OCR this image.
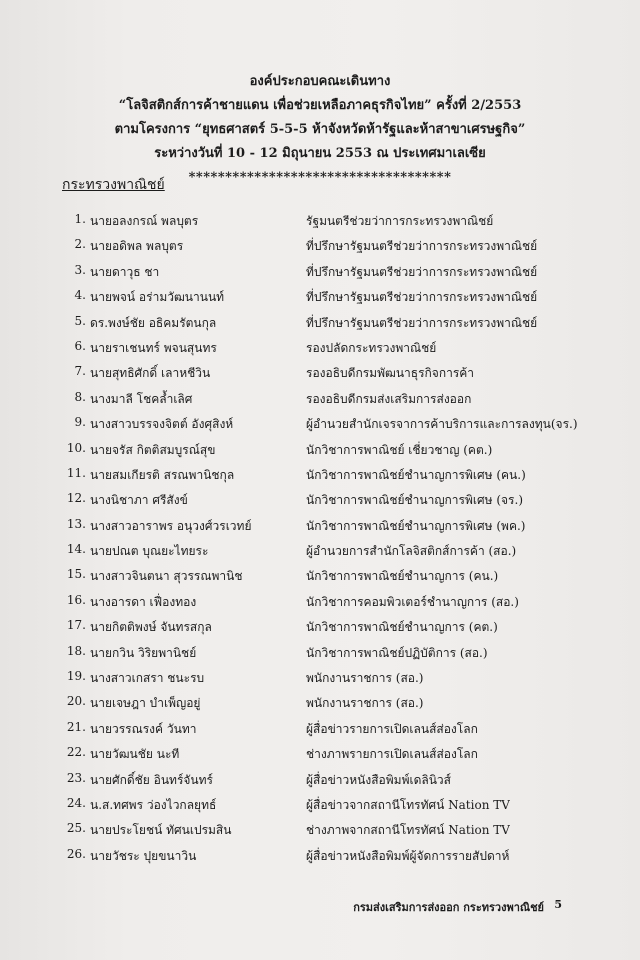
องค์ประกอบคณะเดินทาง
“โลจิสติกส์การค้าชายแดน เพื่อช่วยเหลือภาคธุรกิจไทย” ครั้งที่ 2/2553
ตามโครงการ “ยุทธศาสตร์ 5-5-5 ห้าจังหวัดห้ารัฐและห้าสาขาเศรษฐกิจ”
ระหว่างวันที่ 10 - 12 มิถุนายน 2553 ณ ประเทศมาเลเซีย
************************************
กระทรวงพาณิชย์
1. นายอลงกรณ์ พลบุตร	รัฐมนตรีช่วยว่าการกระทรวงพาณิชย์
2. นายอดิพล พลบุตร	ที่ปรึกษารัฐมนตรีช่วยว่าการกระทรวงพาณิชย์
3. นายดาวุธ ชา	ที่ปรึกษารัฐมนตรีช่วยว่าการกระทรวงพาณิชย์
4. นายพจน์ อร่ามวัฒนานนท์	ที่ปรึกษารัฐมนตรีช่วยว่าการกระทรวงพาณิชย์
5. ดร.พงษ์ชัย อธิคมรัตนกุล	ที่ปรึกษารัฐมนตรีช่วยว่าการกระทรวงพาณิชย์
6. นายราเชนทร์ พจนสุนทร	รองปลัดกระทรวงพาณิชย์
7. นายสุทธิศักดิ์ เลาหชีวิน	รองอธิบดีกรมพัฒนาธุรกิจการค้า
8. นางมาลี โชคล้ำเลิศ	รองอธิบดีกรมส่งเสริมการส่งออก
9. นางสาวบรรจงจิตต์ อังศุสิงห์	ผู้อำนวยสำนักเจรจาการค้าบริการและการลงทุน(จร.)
10. นายจรัส กิตติสมบูรณ์สุข	นักวิชาการพาณิชย์ เชี่ยวชาญ (คต.)
11. นายสมเกียรติ สรณพานิชกุล	นักวิชาการพาณิชย์ชำนาญการพิเศษ (คน.)
12. นางนิชาภา ศรีสังข์	นักวิชาการพาณิชย์ชำนาญการพิเศษ (จร.)
13. นางสาวอาราพร อนุวงศ์วรเวทย์	นักวิชาการพาณิชย์ชำนาญการพิเศษ (พค.)
14. นายปณต บุณยะไทยระ	ผู้อำนวยการสำนักโลจิสติกส์การค้า (สอ.)
15. นางสาวจินตนา สุวรรณพานิช	นักวิชาการพาณิชย์ชำนาญการ (คน.)
16. นางอารดา เฟื่องทอง	นักวิชาการคอมพิวเตอร์ชำนาญการ (สอ.)
17. นายกิตติพงษ์ จันทรสกุล	นักวิชาการพาณิชย์ชำนาญการ (คต.)
18. นายกวิน วิริยพานิชย์	นักวิชาการพาณิชย์ปฏิบัติการ (สอ.)
19. นางสาวเกสรา ชนะรบ	พนักงานราชการ (สอ.)
20. นายเจษฎา บำเพ็ญอยู่	พนักงานราชการ (สอ.)
21. นายวรรณรงค์ วันทา	ผู้สื่อข่าวรายการเปิดเลนส์ส่องโลก
22. นายวัฒนชัย นะที	ช่างภาพรายการเปิดเลนส์ส่องโลก
23. นายศักดิ์ชัย อินทร์จันทร์	ผู้สื่อข่าวหนังสือพิมพ์เดลินิวส์
24. น.ส.ทศพร ว่องไวกลยุทธ์	ผู้สื่อข่าวจากสถานีโทรทัศน์ Nation TV
25. นายประโยชน์ ทัศนเปรมสิน	ช่างภาพจากสถานีโทรทัศน์ Nation TV
26. นายวัชระ ปุยขนาวิน	ผู้สื่อข่าวหนังสือพิมพ์ผู้จัดการรายสัปดาห์
กรมส่งเสริมการส่งออก กระทรวงพาณิชย์ 5
